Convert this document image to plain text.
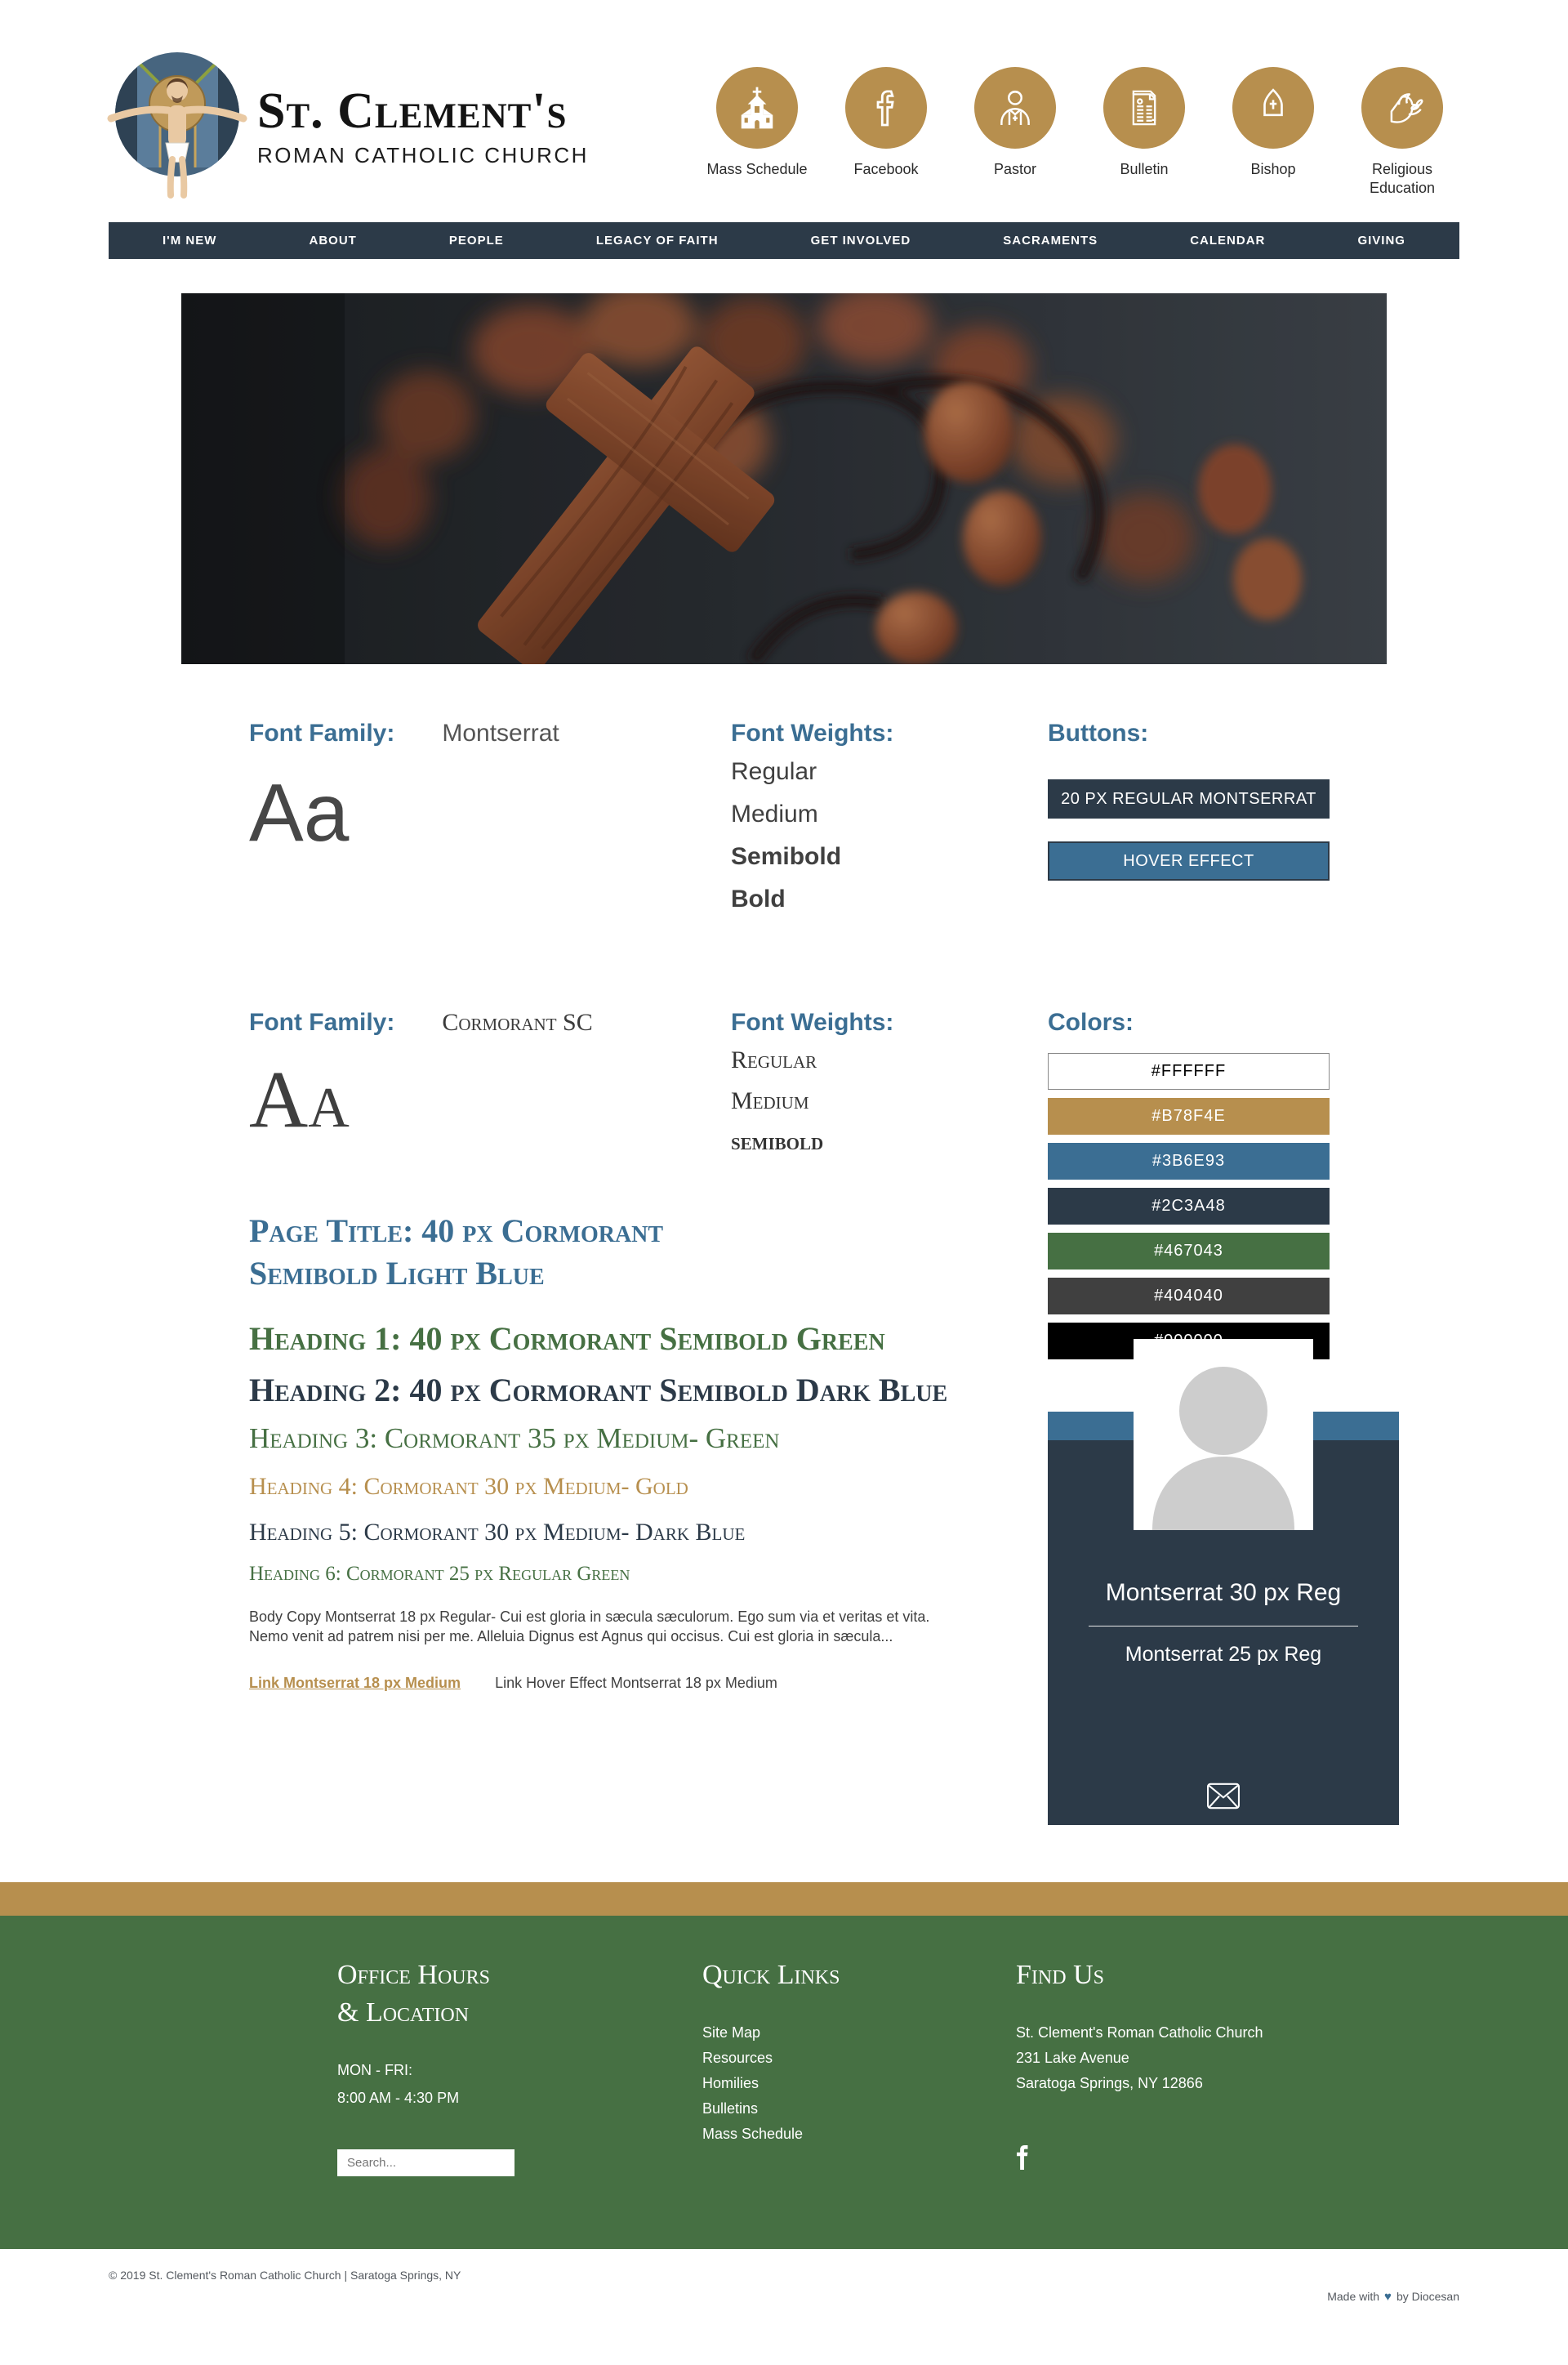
St. Clement's
ROMAN CATHOLIC CHURCH
Mass Schedule	Facebook	Pastor	Bulletin	Bishop	Religious Education
I'M NEW	ABOUT	PEOPLE	LEGACY OF FAITH	GET INVOLVED	SACRAMENTS	CALENDAR	GIVING
Font Family: Montserrat
Aa
Font Weights:
Regular
Medium
Semibold
Bold
Buttons:
20 PX REGULAR MONTSERRAT
HOVER EFFECT
Font Family: Cormorant SC
Aa
Font Weights:
Regular
Medium
semibold
Page Title: 40 px Cormorant
Semibold Light Blue
Heading 1: 40 px Cormorant Semibold Green
Heading 2: 40 px Cormorant Semibold Dark Blue
Heading 3: Cormorant 35 px Medium- Green
Heading 4: Cormorant 30 px Medium- Gold
Heading 5: Cormorant 30 px Medium- Dark Blue
Heading 6: Cormorant 25 px Regular Green

Body Copy Montserrat 18 px Regular- Cui est gloria in sæcula sæculorum. Ego sum via et veritas et vita. Nemo venit ad patrem nisi per me. Alleluia Dignus est Agnus qui occisus. Cui est gloria in sæcula...

Link Montserrat 18 px Medium Link Hover Effect Montserrat 18 px Medium
Colors:
#FFFFFF
#B78F4E
#3B6E93
#2C3A48
#467043
#404040
Montserrat 30 px Reg
Montserrat 25 px Reg
Office Hours
& Location
MON - FRI:
8:00 AM - 4:30 PM
Search...
Quick Links
Site Map
Resources
Homilies
Bulletins
Mass Schedule
Find Us
St. Clement's Roman Catholic Church
231 Lake Avenue
Saratoga Springs, NY 12866
© 2019 St. Clement's Roman Catholic Church | Saratoga Springs, NY
Made with ♥ by Diocesan
